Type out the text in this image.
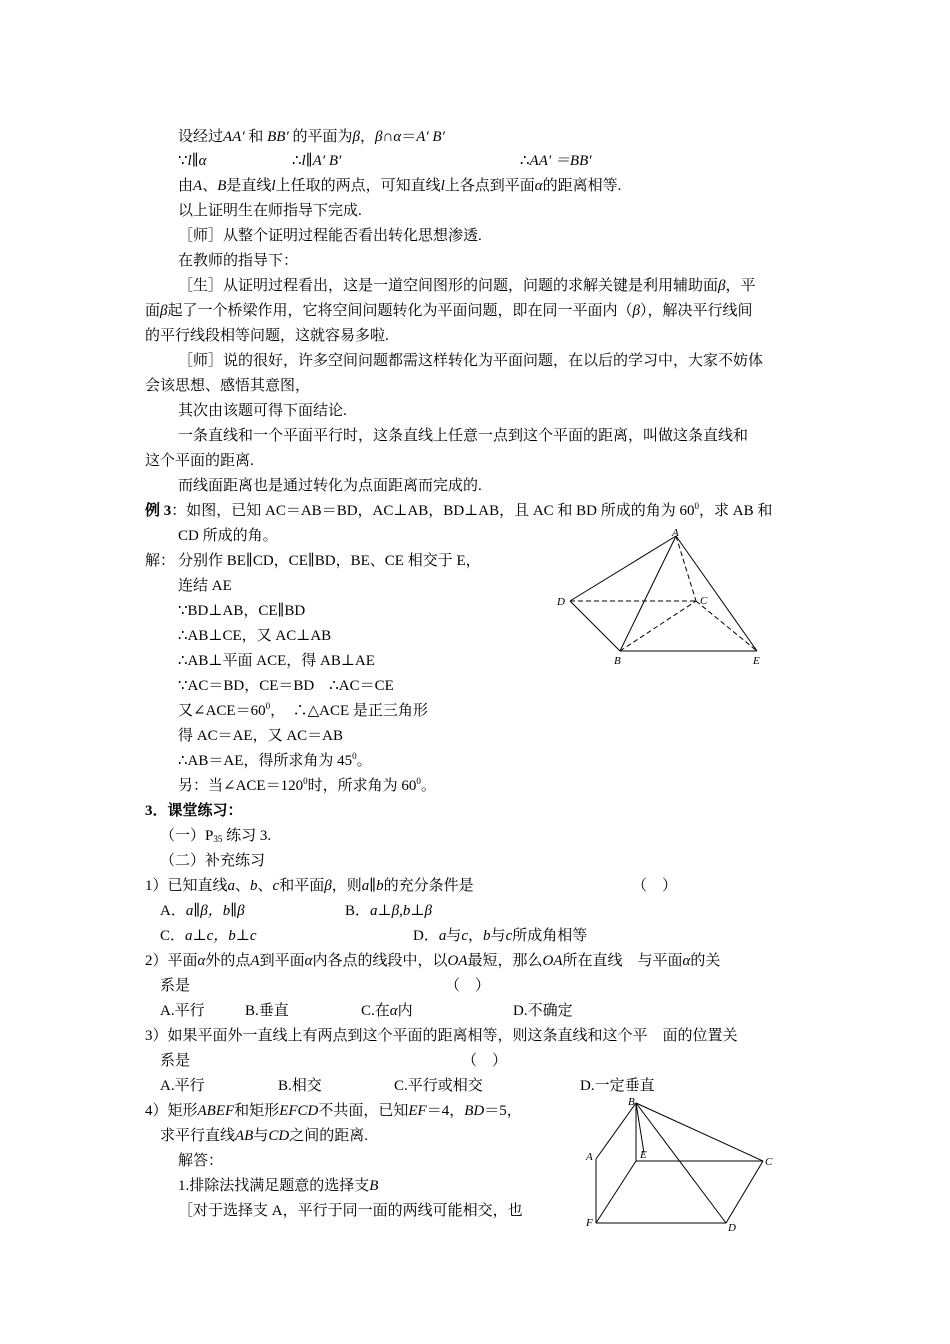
设经过AA′ 和 BB′ 的平面为β，β∩α＝A′ B′
∵l∥α	∴l∥A′ B′	∴AA′ ＝BB′
由A、B是直线l上任取的两点，可知直线l上各点到平面α的距离相等.
以上证明生在师指导下完成.
［师］从整个证明过程能否看出转化思想渗透.
在教师的指导下：
［生］从证明过程看出，这是一道空间图形的问题，问题的求解关键是利用辅助面β，平
面β起了一个桥梁作用，它将空间问题转化为平面问题，即在同一平面内（β），解决平行线间
的平行线段相等问题，这就容易多啦.
［师］说的很好，许多空间问题都需这样转化为平面问题，在以后的学习中，大家不妨体
会该思想、感悟其意图，
其次由该题可得下面结论.
一条直线和一个平面平行时，这条直线上任意一点到这个平面的距离，叫做这条直线和
这个平面的距离.
而线面距离也是通过转化为点面距离而完成的.
例 3：如图，已知 AC＝AB＝BD，AC⊥AB，BD⊥AB，且 AC 和 BD 所成的角为 $60^0$，求 AB 和
CD 所成的角。
解： 分别作 BE∥CD，CE∥BD，BE、CE 相交于 E，
连结 AE
∵BD⊥AB，CE∥BD
∴AB⊥CE，又 AC⊥AB
∴AB⊥平面 ACE，得 AB⊥AE
∵AC＝BD，CE＝BD　∴AC＝CE
又$\angle ACE=60^0$，　∴△ACE 是正三角形
得 AC＝AE，又 AC＝AB
∴AB＝AE，得所求角为 $45^0$。
另：当$\angle ACE=120^0$时，所求角为 $60^0$。
A
C
D
B	E
3．课堂练习：
（一）$P_{35}$ 练习 3.
（二）补充练习
1）已知直线a、b、c和平面β，则a∥b的充分条件是	（　）
A．a∥β，b∥β	B．a⊥β,b⊥β
C．a⊥c，b⊥c	D．a与c，b与c所成角相等
2）平面α外的点A到平面α内各点的线段中，以OA最短，那么OA所在直线　与平面α的关
系是	（　）
A.平行	B.垂直	C.在α内	D.不确定
3）如果平面外一直线上有两点到这个平面的距离相等，则这条直线和这个平　面的位置关
系是	（　）
A.平行	B.相交	C.平行或相交	D.一定垂直
4）矩形ABEF和矩形EFCD不共面，已知EF＝4，BD＝5，
求平行直线AB与CD之间的距离.
解答：
1.排除法找满足题意的选择支B
［对于选择支 A，平行于同一面的两线可能相交，也
B
A	E
C
F	D
